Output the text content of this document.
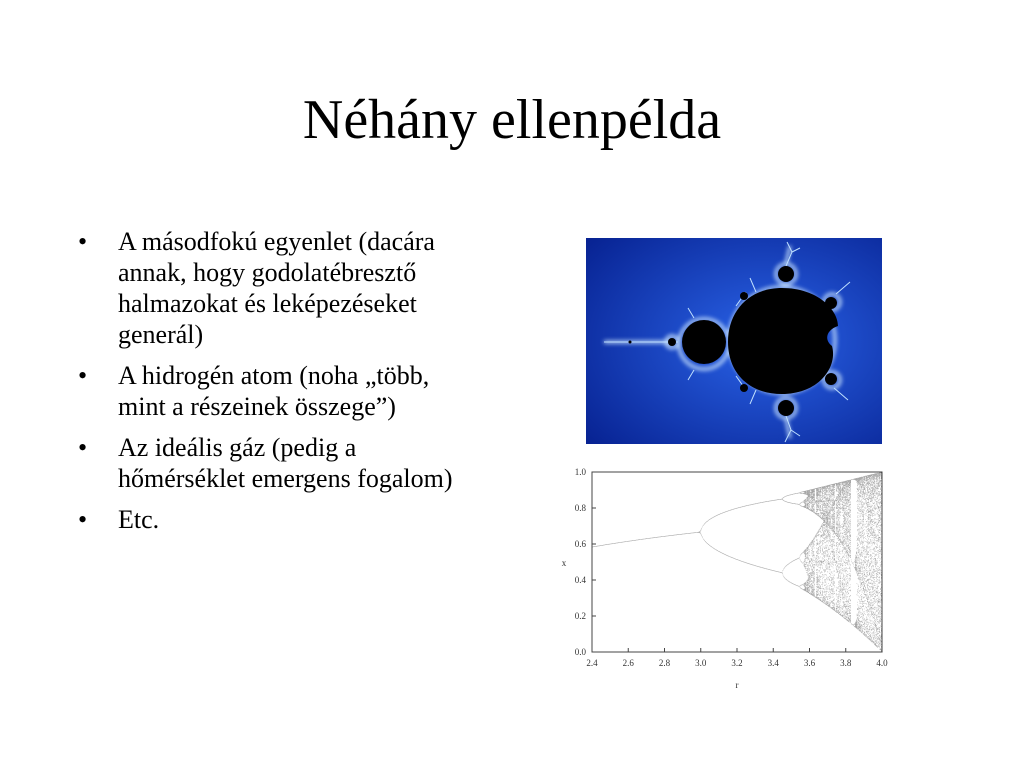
Néhány ellenpélda
•	A másodfokú egyenlet (dacára annak, hogy godolatébresztő halmazokat és leképezéseket generál)
•	A hidrogén atom (noha „több, mint a részeinek összege”)
•	Az ideális gáz (pedig a hőmérséklet emergens fogalom)
•	Etc.
2.4	2.6	2.8	3.0	3.2	3.4	3.6	3.8	4.0
0.0
0.2
0.4
0.6
0.8
1.0
r
x
